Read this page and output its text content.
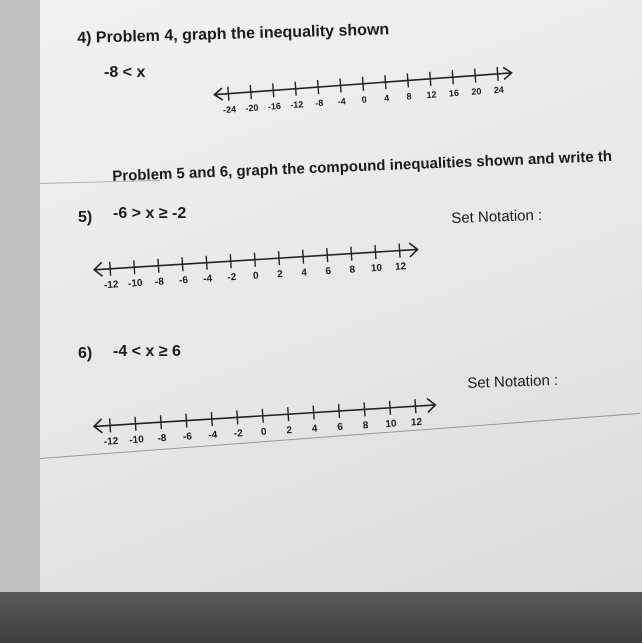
4) Problem 4, graph the inequality shown
-8 < x
-24 -20 -16 -12 -8 -4 0 4 8 12 16 20 24
Problem 5 and 6, graph the compound inequalities shown and write th
5) -6 > x ≥ -2	Set Notation :
-12 -10 -8 -6 -4 -2 0 2 4 6 8 10 12
6) -4 < x ≥ 6
Set Notation :
-12 -10 -8 -6 -4 -2 0 2 4 6 8 10 12
